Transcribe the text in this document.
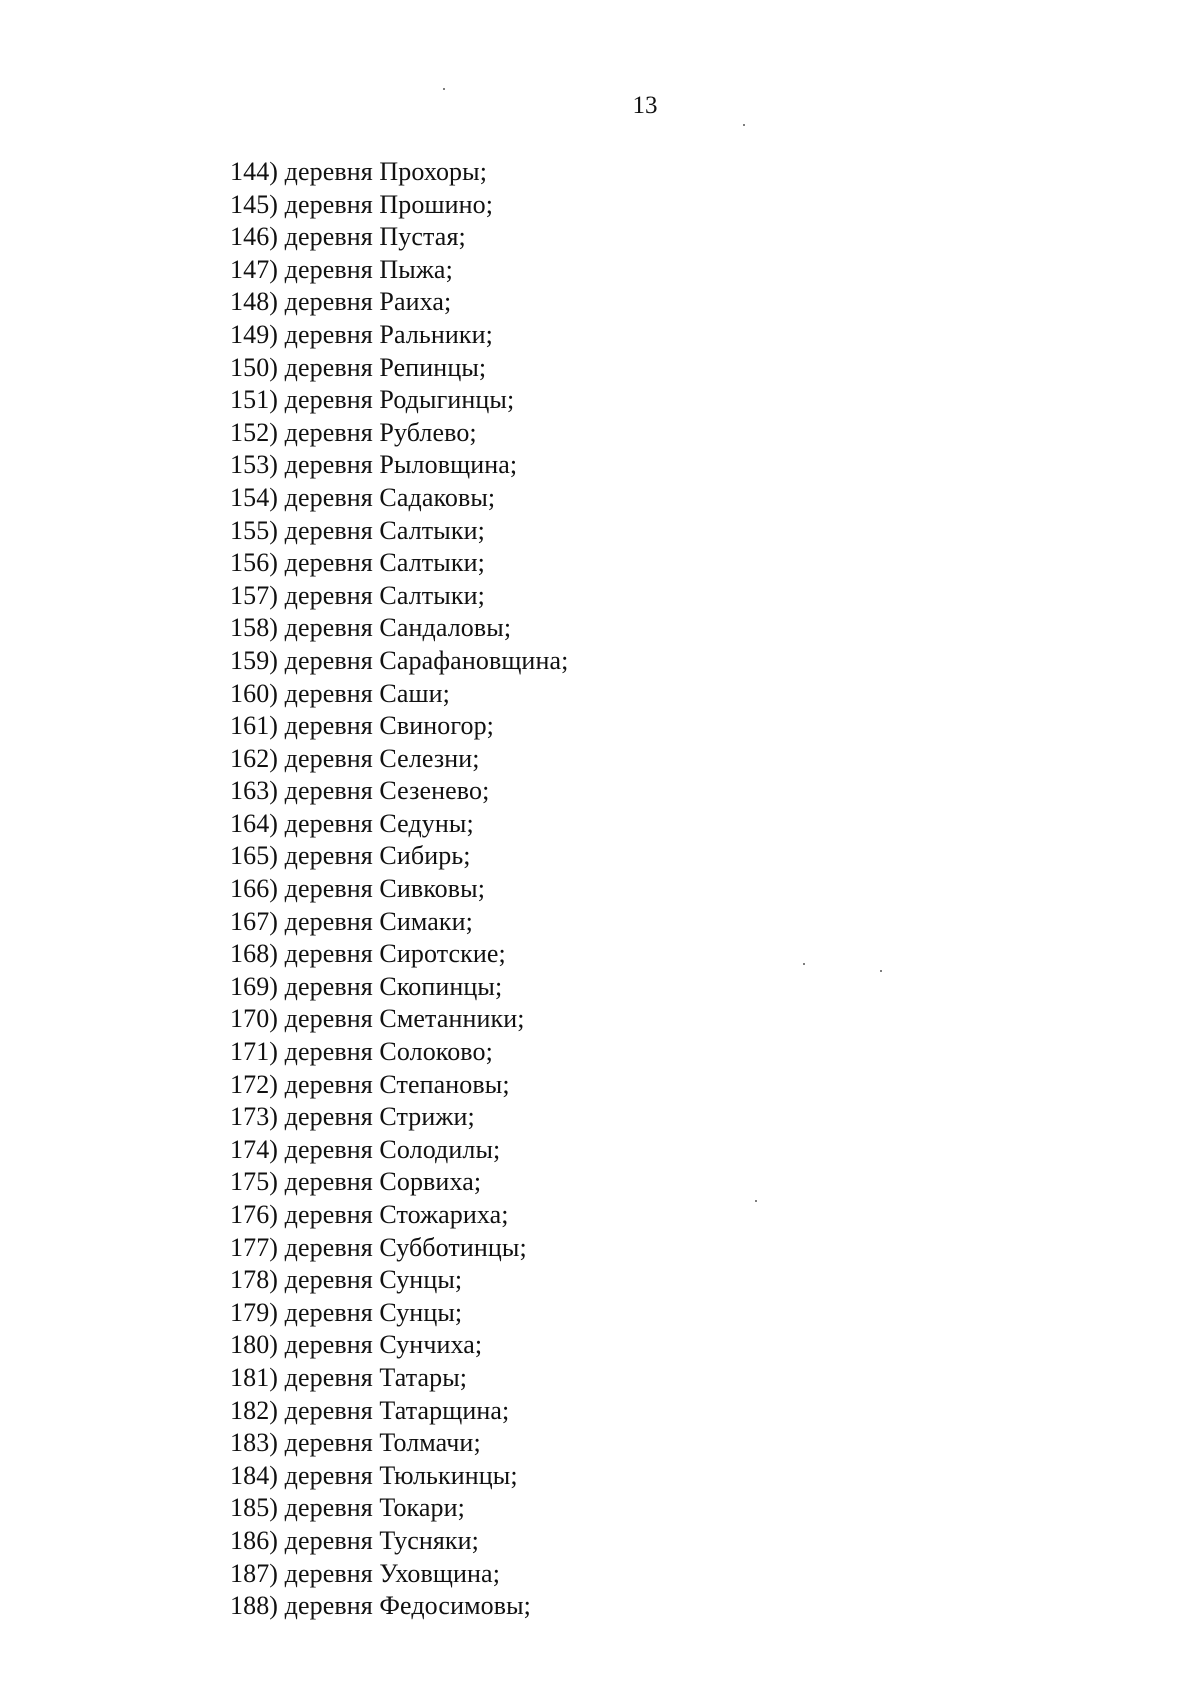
13
144) деревня Прохоры;
145) деревня Прошино;
146) деревня Пустая;
147) деревня Пыжа;
148) деревня Раиха;
149) деревня Ральники;
150) деревня Репинцы;
151) деревня Родыгинцы;
152) деревня Рублево;
153) деревня Рыловщина;
154) деревня Садаковы;
155) деревня Салтыки;
156) деревня Салтыки;
157) деревня Салтыки;
158) деревня Сандаловы;
159) деревня Сарафановщина;
160) деревня Саши;
161) деревня Свиногор;
162) деревня Селезни;
163) деревня Сезенево;
164) деревня Седуны;
165) деревня Сибирь;
166) деревня Сивковы;
167) деревня Симаки;
168) деревня Сиротские;
169) деревня Скопинцы;
170) деревня Сметанники;
171) деревня Солоково;
172) деревня Степановы;
173) деревня Стрижи;
174) деревня Солодилы;
175) деревня Сорвиха;
176) деревня Стожариха;
177) деревня Субботинцы;
178) деревня Сунцы;
179) деревня Сунцы;
180) деревня Сунчиха;
181) деревня Татары;
182) деревня Татарщина;
183) деревня Толмачи;
184) деревня Тюлькинцы;
185) деревня Токари;
186) деревня Тусняки;
187) деревня Уховщина;
188) деревня Федосимовы;
